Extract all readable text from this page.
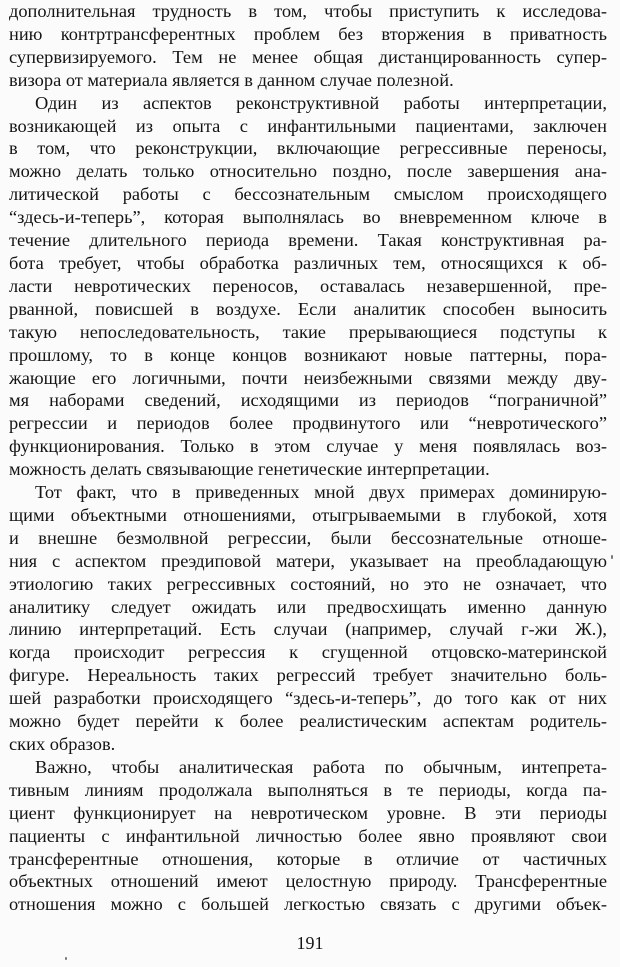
дополнительная трудность в том, чтобы приступить к исследова-
нию контртрансферентных проблем без вторжения в приватность
супервизируемого. Тем не менее общая дистанцированность супер-
визора от материала является в данном случае полезной.
Один из аспектов реконструктивной работы интерпретации,
возникающей из опыта с инфантильными пациентами, заключен
в том, что реконструкции, включающие регрессивные переносы,
можно делать только относительно поздно, после завершения ана-
литической работы с бессознательным смыслом происходящего
“здесь-и-теперь”, которая выполнялась во вневременном ключе в
течение длительного периода времени. Такая конструктивная ра-
бота требует, чтобы обработка различных тем, относящихся к об-
ласти невротических переносов, оставалась незавершенной, пре-
рванной, повисшей в воздухе. Если аналитик способен выносить
такую непоследовательность, такие прерывающиеся подступы к
прошлому, то в конце концов возникают новые паттерны, пора-
жающие его логичными, почти неизбежными связями между дву-
мя наборами сведений, исходящими из периодов “пограничной”
регрессии и периодов более продвинутого или “невротического”
функционирования. Только в этом случае у меня появлялась воз-
можность делать связывающие генетические интерпретации.
Тот факт, что в приведенных мной двух примерах доминирую-
щими объектными отношениями, отыгрываемыми в глубокой, хотя
и внешне безмолвной регрессии, были бессознательные отноше-
ния с аспектом преэдиповой матери, указывает на преобладающую
этиологию таких регрессивных состояний, но это не означает, что
аналитику следует ожидать или предвосхищать именно данную
линию интерпретаций. Есть случаи (например, случай г-жи Ж.),
когда происходит регрессия к сгущенной отцовско-материнской
фигуре. Нереальность таких регрессий требует значительно боль-
шей разработки происходящего “здесь-и-теперь”, до того как от них
можно будет перейти к более реалистическим аспектам родитель-
ских образов.
Важно, чтобы аналитическая работа по обычным, интепрета-
тивным линиям продолжала выполняться в те периоды, когда па-
циент функционирует на невротическом уровне. В эти периоды
пациенты с инфантильной личностью более явно проявляют свои
трансферентные отношения, которые в отличие от частичных
объектных отношений имеют целостную природу. Трансферентные
отношения можно с большей легкостью связать с другими объек-
191
